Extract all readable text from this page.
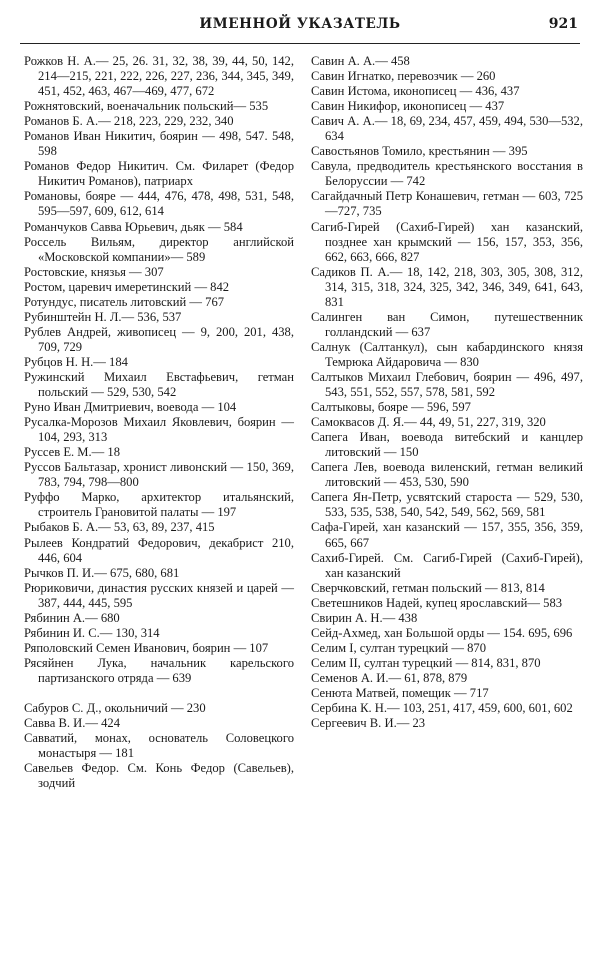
ИМЕННОЙ УКАЗАТЕЛЬ	921

Рожков Н. А.— 25, 26. 31, 32, 38, 39, 44, 50, 142, 214—215, 221, 222, 226, 227, 236, 344, 345, 349, 451, 452, 463, 467—469, 477, 672

Рожнятовский, военачальник польский— 535

Романов Б. А.— 218, 223, 229, 232, 340

Романов Иван Никитич, боярин — 498, 547. 548, 598

Романов Федор Никитич. См. Филарет (Федор Никитич Романов), патриарх

Романовы, бояре — 444, 476, 478, 498, 531, 548, 595—597, 609, 612, 614

Романчуков Савва Юрьевич, дьяк — 584

Россель Вильям, директор английской «Московской компании»— 589

Ростовские, князья — 307

Ростом, царевич имеретинский — 842

Ротундус, писатель литовский — 767

Рубинштейн Н. Л.— 536, 537

Рублев Андрей, живописец — 9, 200, 201, 438, 709, 729

Рубцов Н. Н.— 184

Ружинский Михаил Евстафьевич, гетман польский — 529, 530, 542

Руно Иван Дмитриевич, воевода — 104

Русалка-Морозов Михаил Яковлевич, боярин — 104, 293, 313

Руссев Е. М.— 18

Руссов Бальтазар, хронист ливонский — 150, 369, 783, 794, 798—800

Руффо Марко, архитектор итальянский, строитель Грановитой палаты — 197

Рыбаков Б. А.— 53, 63, 89, 237, 415

Рылеев Кондратий Федорович, декабрист 210, 446, 604

Рычков П. И.— 675, 680, 681

Рюриковичи, династия русских князей и царей — 387, 444, 445, 595

Рябинин А.— 680

Рябинин И. С.— 130, 314

Ряполовский Семен Иванович, боярин — 107

Рясяйнен Лука, начальник карельского партизанского отряда — 639

Сабуров С. Д., окольничий — 230

Савва В. И.— 424

Савватий, монах, основатель Соловецкого монастыря — 181

Савельев Федор. См. Конь Федор (Савельев), зодчий

Савин А. А.— 458

Савин Игнатко, перевозчик — 260

Савин Истома, иконописец — 436, 437

Савин Никифор, иконописец — 437

Савич А. А.— 18, 69, 234, 457, 459, 494, 530—532, 634

Савостьянов Томило, крестьянин — 395

Савула, предводитель крестьянского восстания в Белоруссии — 742

Сагайдачный Петр Конашевич, гетман — 603, 725—727, 735

Сагиб-Гирей (Сахиб-Гирей) хан казанский, позднее хан крымский — 156, 157, 353, 356, 662, 663, 666, 827

Садиков П. А.— 18, 142, 218, 303, 305, 308, 312, 314, 315, 318, 324, 325, 342, 346, 349, 641, 643, 831

Салинген ван Симон, путешественник голландский — 637

Салнук (Салтанкул), сын кабардинского князя Темрюка Айдаровича — 830

Салтыков Михаил Глебович, боярин — 496, 497, 543, 551, 552, 557, 578, 581, 592

Салтыковы, бояре — 596, 597

Самоквасов Д. Я.— 44, 49, 51, 227, 319, 320

Сапега Иван, воевода витебский и канцлер литовский — 150

Сапега Лев, воевода виленский, гетман великий литовский — 453, 530, 590

Сапега Ян-Петр, усвятский староста — 529, 530, 533, 535, 538, 540, 542, 549, 562, 569, 581

Сафа-Гирей, хан казанский — 157, 355, 356, 359, 665, 667

Сахиб-Гирей. См. Сагиб-Гирей (Сахиб-Гирей), хан казанский

Сверчковский, гетман польский — 813, 814

Светешников Надей, купец ярославский— 583

Свирин А. Н.— 438

Сейд-Ахмед, хан Большой орды — 154. 695, 696

Селим I, султан турецкий — 870

Селим II, султан турецкий — 814, 831, 870

Семенов А. И.— 61, 878, 879

Сенюта Матвей, помещик — 717

Сербина К. Н.— 103, 251, 417, 459, 600, 601, 602

Сергеевич В. И.— 23
